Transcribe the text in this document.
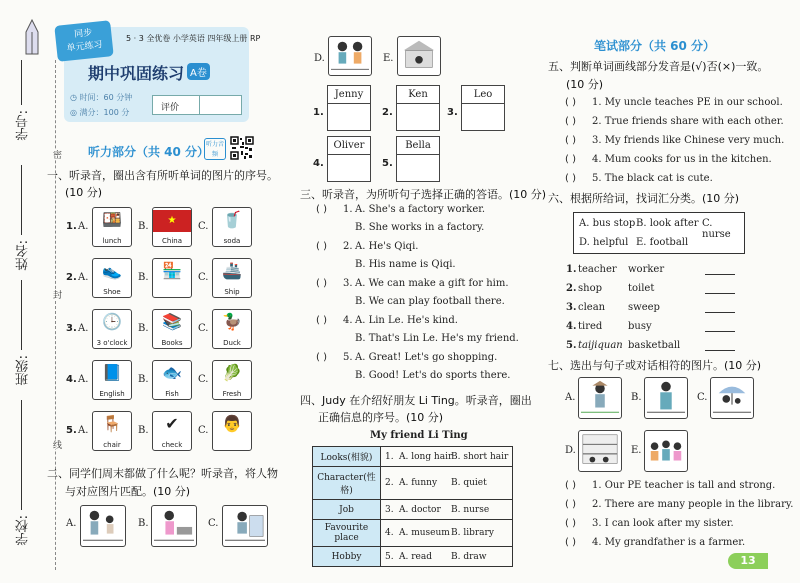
密
封
线
学号:
姓名:
班级:
学校:
同步
单元练习
5 · 3 全优卷 小学英语 四年级上册 RP
期中巩固练习 A卷
◷ 时间：60 分钟
◎ 满分：100 分	评价
听力部分（共 40 分）
听力音频
一、听录音，圈出含有所听单词的图片的序号。
(10 分)
1. A. 🍱
lunch
B.
★
China
C. 🥤
soda
2. A. 👟
Shoe
B. 🏪	C. 🚢
Ship
3. A. 🕒
3 o'clock
B. 📚
Books
C. 🦆
Duck
4. A. 📘
English
B. 🐟
Fish
C. 🥬
Fresh
5. A. 🪑
chair
B.	✔
check
C. 👨
二、同学们周末都做了什么呢？听录音，将人物
与对应图片匹配。(10 分)
A.	B.	C.
D.	E.
1.
Jenny
2.
Ken
3.
Leo
4.
Oliver
5.
Bella
三、听录音，为所听句子选择正确的答语。(10 分)
( ) 1. A. She's a factory worker.
B. She works in a factory.
( ) 2. A. He's Qiqi.
B. His name is Qiqi.
( ) 3. A. We can make a gift for him.
B. We can play football there.
( ) 4. A. Lin Le. He's kind.
B. That's Lin Le. He's my friend.
( ) 5. A. Great! Let's go shopping.
B. Good! Let's do sports there.
四、Judy 在介绍好朋友 Li Ting。听录音，圈出
正确信息的序号。(10 分)
My friend Li Ting
Looks(相貌)	1. A. long hairB. short hair
Character(性格)	2. A. funny B. quiet
Job	3. A. doctor B. nurse
Favourite place	4. A. museumB. library
Hobby	5. A. read B. draw
笔试部分（共 60 分）
五、判断单词画线部分发音是(√)否(×)一致。
(10 分)
( ) 1. My uncle teaches PE in our school.
( ) 2. True friends share with each other.
( ) 3. My friends like Chinese very much.
( ) 4. Mum cooks for us in the kitchen.
( ) 5. The black cat is cute.
六、根据所给词，找词汇分类。(10 分)
A. bus stop B. look after C. nurse
D. helpful E. football
1. teacher worker
2. shop	toilet
3. clean sweep
4. tired	busy
5. taijiquan basketball
七、选出与句子或对话相符的图片。(10 分)
A.	B.	C.
D.	E.
( ) 1. Our PE teacher is tall and strong.
( ) 2. There are many people in the library.
( ) 3. I can look after my sister.
( ) 4. My grandfather is a farmer.
13
